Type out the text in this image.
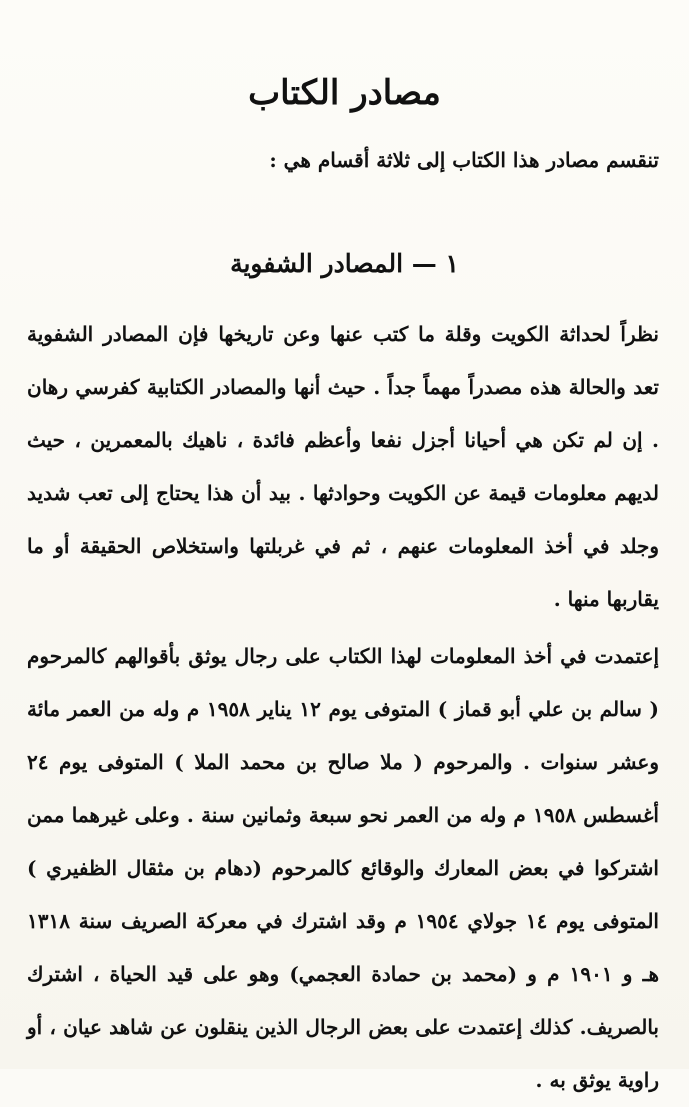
مصادر الكتاب
تنقسم مصادر هذا الكتاب إلى ثلاثة أقسام هي :
١ — المصادر الشفوية

نظراً لحداثة الكويت وقلة ما كتب عنها وعن تاريخها فإن المصادر الشفوية تعد والحالة هذه مصدراً مهماً جداً . حيث أنها والمصادر الكتابية كفرسي رهان . إن لم تكن هي أحيانا أجزل نفعا وأعظم فائدة ، ناهيك بالمعمرين ، حيث لديهم معلومات قيمة عن الكويت وحوادثها . بيد أن هذا يحتاج إلى تعب شديد وجلد في أخذ المعلومات عنهم ، ثم في غربلتها واستخلاص الحقيقة أو ما يقاربها منها .

إعتمدت في أخذ المعلومات لهذا الكتاب على رجال يوثق بأقوالهم كالمرحوم ( سالم بن علي أبو قماز ) المتوفى يوم ١٢ يناير ١٩٥٨ م وله من العمر مائة وعشر سنوات . والمرحوم ( ملا صالح بن محمد الملا ) المتوفى يوم ٢٤ أغسطس ١٩٥٨ م وله من العمر نحو سبعة وثمانين سنة . وعلى غيرهما ممن اشتركوا في بعض المعارك والوقائع كالمرحوم (دهام بن مثقال الظفيري ) المتوفى يوم ١٤ جولاي ١٩٥٤ م وقد اشترك في معركة الصريف سنة ١٣١٨ هـ و ١٩٠١ م و (محمد بن حمادة العجمي) وهو على قيد الحياة ، اشترك بالصريف. كذلك إعتمدت على بعض الرجال الذين ينقلون عن شاهد عيان ، أو راوية يوثق به .
